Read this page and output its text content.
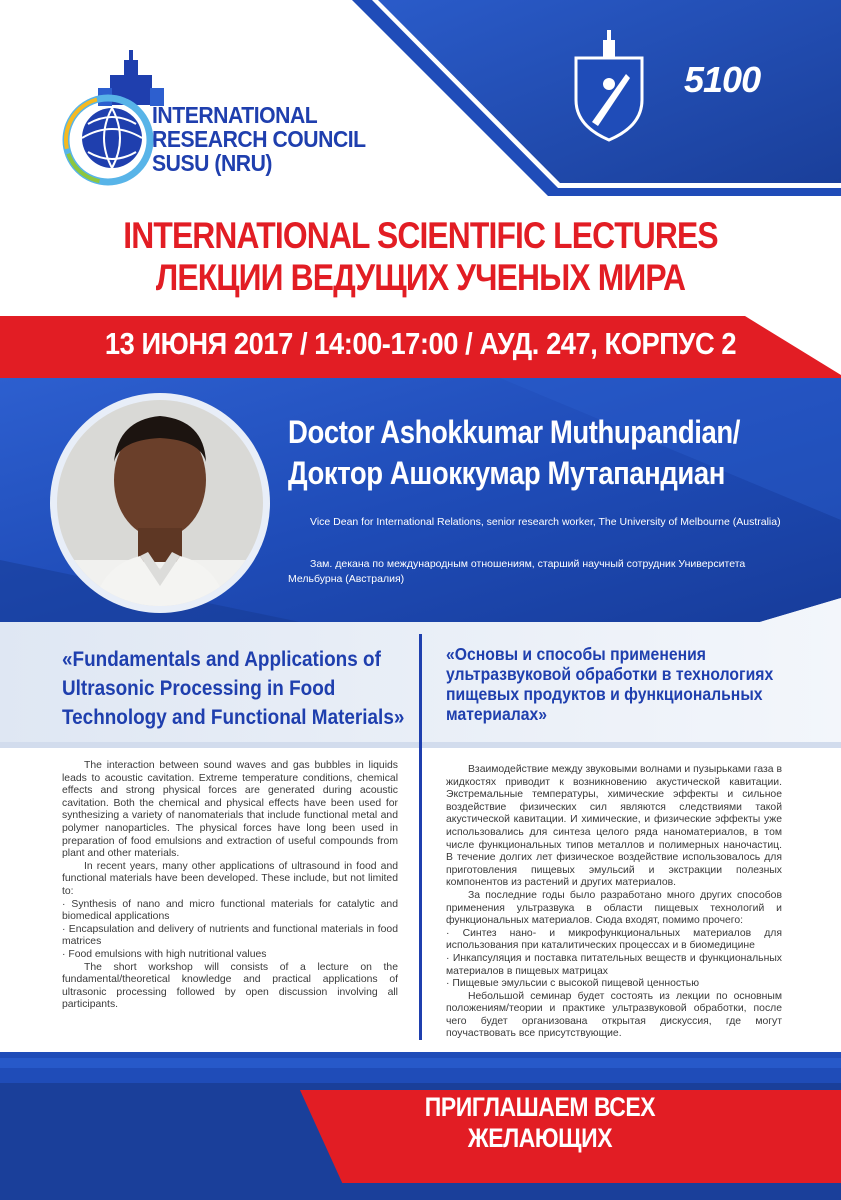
INTERNATIONAL
RESEARCH COUNCIL
SUSU (NRU)
5100
INTERNATIONAL SCIENTIFIC LECTURES
ЛЕКЦИИ ВЕДУЩИХ УЧЕНЫХ МИРА
13 ИЮНЯ 2017 / 14:00-17:00 / АУД. 247, КОРПУС 2
Doctor Ashokkumar Muthupandian/
Доктор Ашоккумар Мутапандиан
Vice Dean for International Relations, senior research worker, The University of Melbourne (Australia)
Зам. декана по международным отношениям, старший научный сотрудник Университета Мельбурна (Австралия)
«Fundamentals and Applications of Ultrasonic Processing in Food Technology and Functional Materials»
«Основы и способы применения ультразвуковой обработки в технологиях пищевых продуктов и функциональных материалах»

The interaction between sound waves and gas bubbles in liquids leads to acoustic cavitation. Extreme temperature conditions, chemical effects and strong physical forces are generated during acoustic cavitation. Both the chemical and physical effects have been used for synthesizing a variety of nanomaterials that include functional metal and polymer nanoparticles. The physical forces have long been used in preparation of food emulsions and extraction of useful compounds from plant and other materials.

In recent years, many other applications of ultrasound in food and functional materials have been developed. These include, but not limited to:

· Synthesis of nano and micro functional materials for catalytic and biomedical applications

· Encapsulation and delivery of nutrients and functional materials in food matrices

· Food emulsions with high nutritional values

The short workshop will consists of a lecture on the fundamental/theoretical knowledge and practical applications of ultrasonic processing followed by open discussion involving all participants.

Взаимодействие между звуковыми волнами и пузырьками газа в жидкостях приводит к возникновению акустической кавитации. Экстремальные температуры, химические эффекты и сильное воздействие физических сил являются следствиями такой акустической кавитации. И химические, и физические эффекты уже использовались для синтеза целого ряда наноматериалов, в том числе функциональных типов металлов и полимерных наночастиц. В течение долгих лет физическое воздействие использовалось для приготовления пищевых эмульсий и экстракции полезных компонентов из растений и других материалов.

За последние годы было разработано много других способов применения ультразвука в области пищевых технологий и функциональных материалов. Сюда входят, помимо прочего:

· Синтез нано- и микрофункциональных материалов для использования при каталитических процессах и в биомедицине

· Инкапсуляция и поставка питательных веществ и функциональных материалов в пищевых матрицах

· Пищевые эмульсии с высокой пищевой ценностью

Небольшой семинар будет состоять из лекции по основным положениям/теории и практике ультразвуковой обработки, после чего будет организована открытая дискуссия, где могут поучаствовать все присутствующие.

ПРИГЛАШАЕМ ВСЕХ ЖЕЛАЮЩИХ
